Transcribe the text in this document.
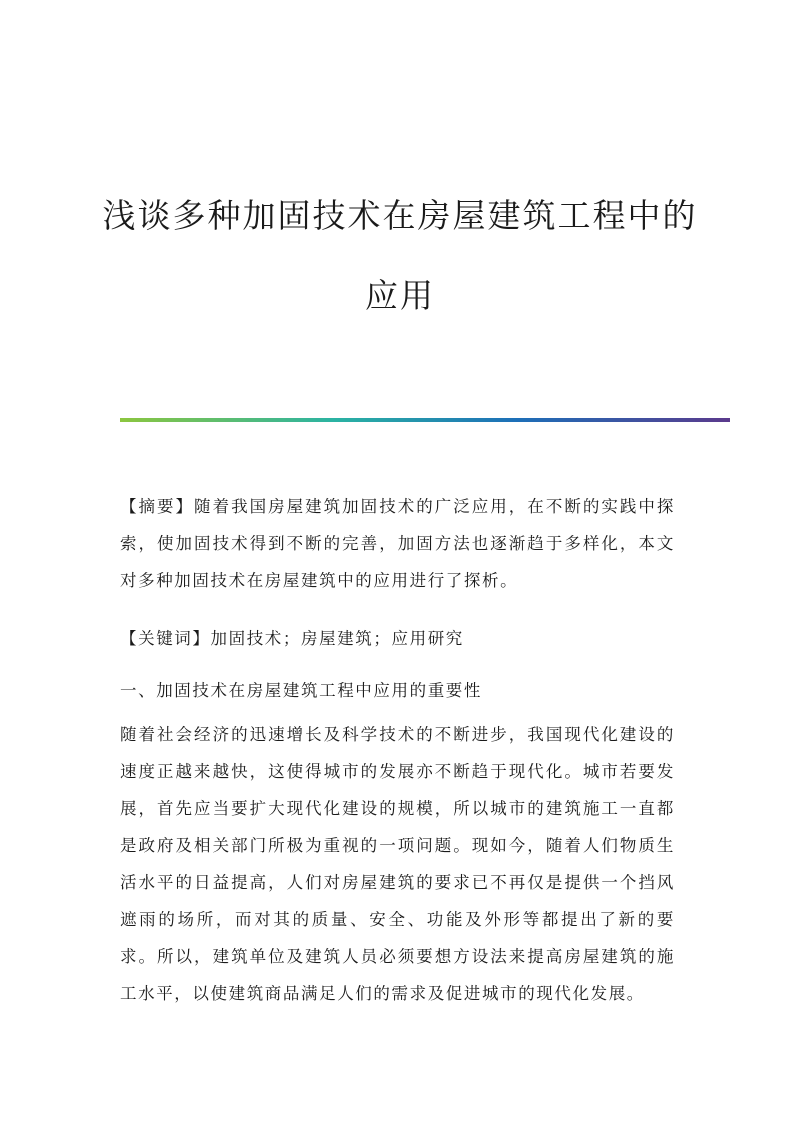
浅谈多种加固技术在房屋建筑工程中的
应用

【摘要】随着我国房屋建筑加固技术的广泛应用，在不断的实践中探索，使加固技术得到不断的完善，加固方法也逐渐趋于多样化，本文对多种加固技术在房屋建筑中的应用进行了探析。

【关键词】加固技术；房屋建筑；应用研究

一、加固技术在房屋建筑工程中应用的重要性

随着社会经济的迅速增长及科学技术的不断进步，我国现代化建设的速度正越来越快，这使得城市的发展亦不断趋于现代化。城市若要发展，首先应当要扩大现代化建设的规模，所以城市的建筑施工一直都是政府及相关部门所极为重视的一项问题。现如今，随着人们物质生活水平的日益提高，人们对房屋建筑的要求已不再仅是提供一个挡风遮雨的场所，而对其的质量、安全、功能及外形等都提出了新的要求。所以，建筑单位及建筑人员必须要想方设法来提高房屋建筑的施工水平，以使建筑商品满足人们的需求及促进城市的现代化发展。
